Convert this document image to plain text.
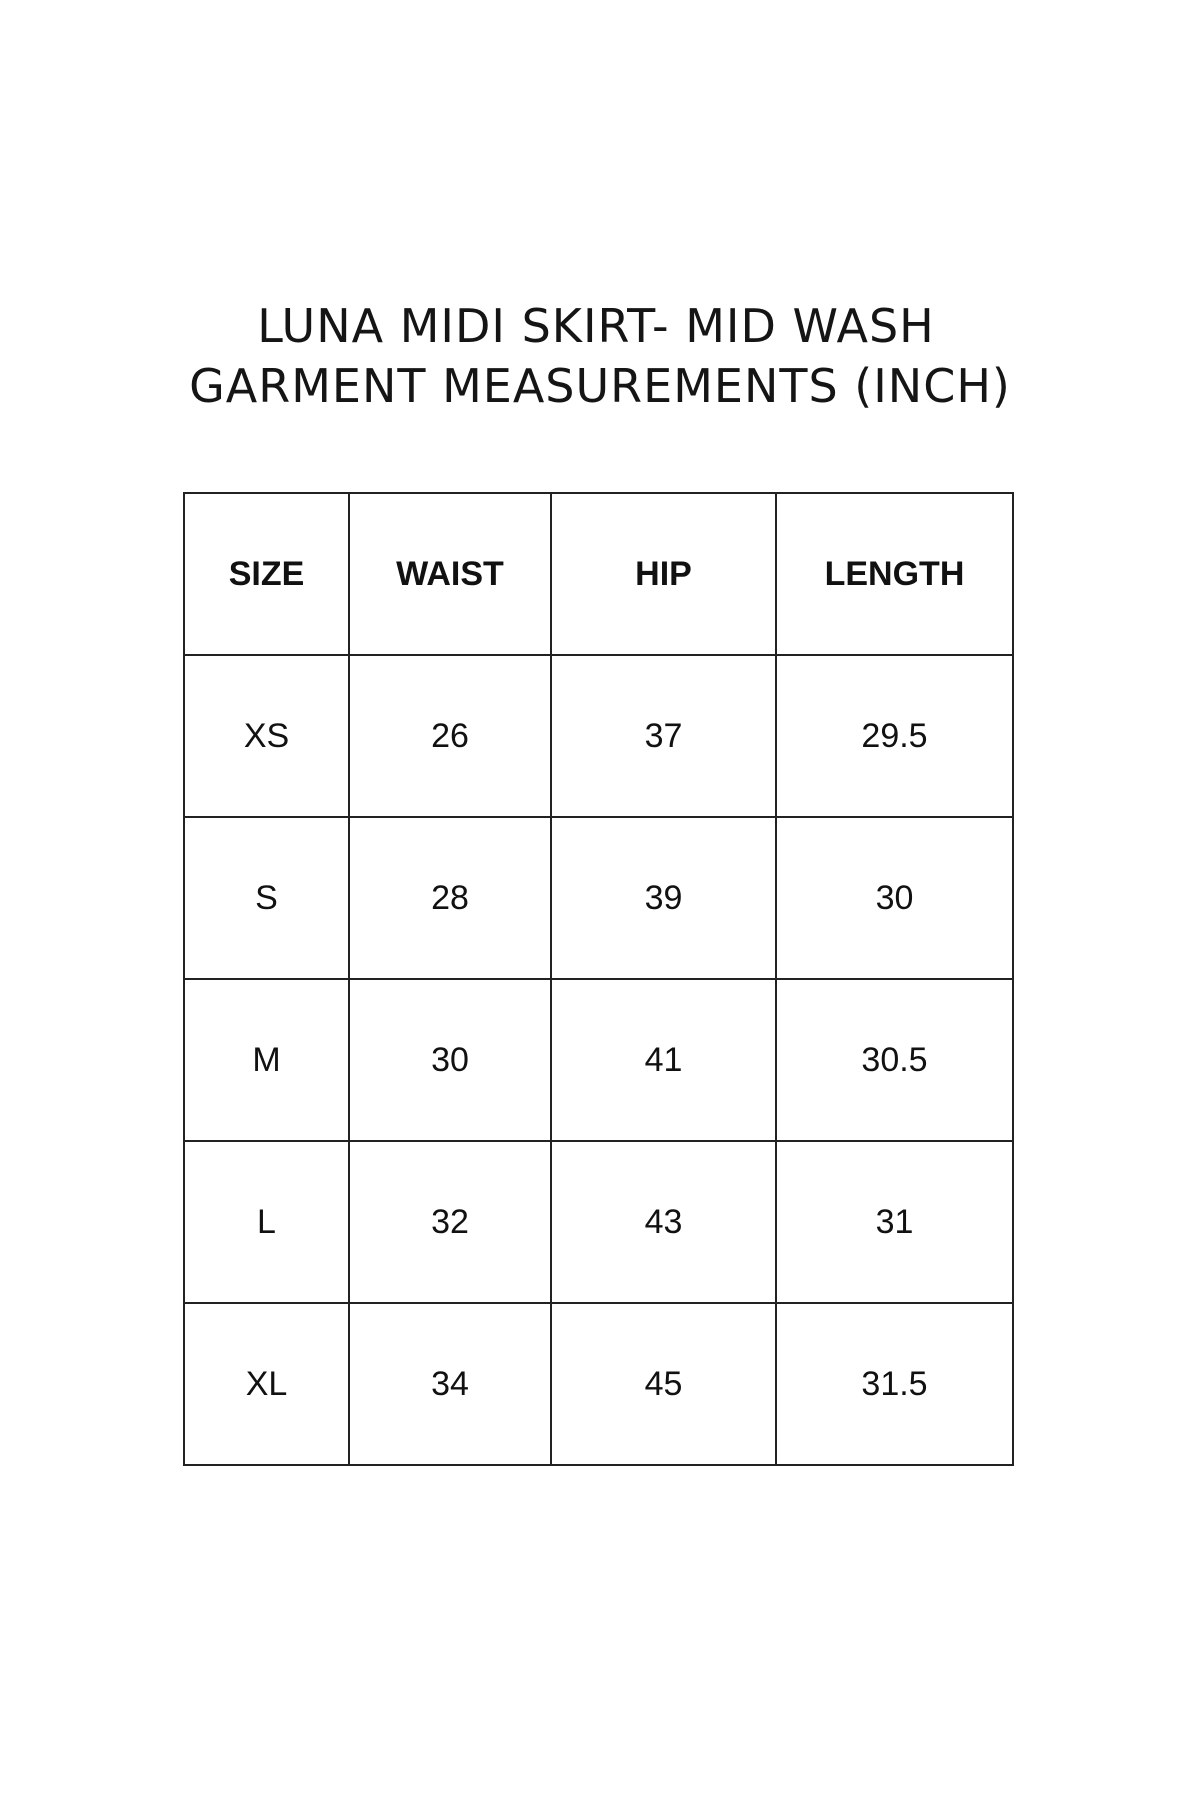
LUNA MIDI SKIRT- MID WASH
GARMENT MEASUREMENTS (INCH)
SIZE	WAIST	HIP	LENGTH
XS	26	37	29.5
S	28	39	30
M	30	41	30.5
L	32	43	31
XL	34	45	31.5
